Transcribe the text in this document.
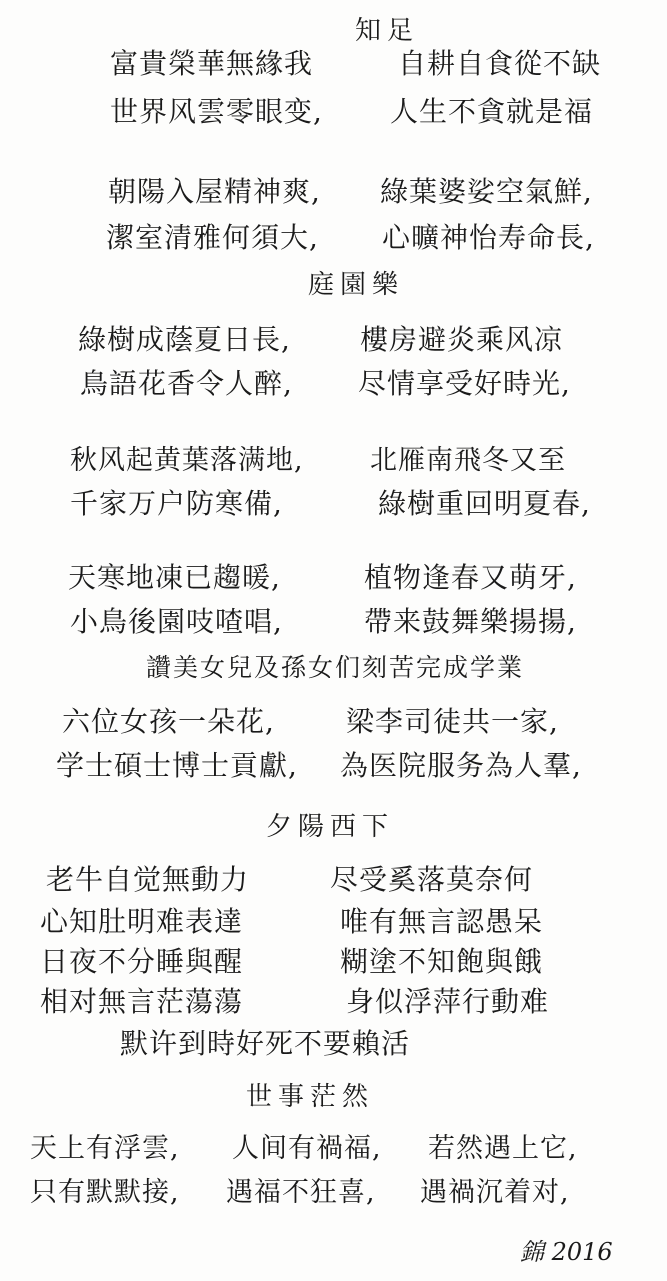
知足
富貴榮華無緣我	自耕自食從不缺
世界风雲零眼变, 人生不貪就是福
朝陽入屋精神爽, 綠葉婆娑空氣鮮,
潔室清雅何須大, 心曠神怡寿命長,
庭園樂
綠樹成蔭夏日長, 樓房避炎乘风凉
鳥語花香令人醉, 尽情享受好時光,
秋风起黄葉落满地, 北雁南飛冬又至
千家万户防寒備,	綠樹重回明夏春,
天寒地凍已趨暖,	植物逢春又萌牙,
小鳥後園吱喳唱,	帶来鼓舞樂揚揚,
讚美女兒及孫女们刻苦完成学業
六位女孩一朵花,	梁李司徒共一家,
学士碩士博士貢獻, 為医院服务為人羣,
夕陽西下
老牛自觉無動力	尽受奚落莫奈何
心知肚明难表達	唯有無言認愚呆
日夜不分睡與醒	糊塗不知飽與餓
相对無言茫蕩蕩	身似浮萍行動难
默许到時好死不要賴活
世事茫然
天上有浮雲, 人间有禍福, 若然遇上它,
只有默默接, 遇福不狂喜, 遇禍沉着对,
錦 2016
